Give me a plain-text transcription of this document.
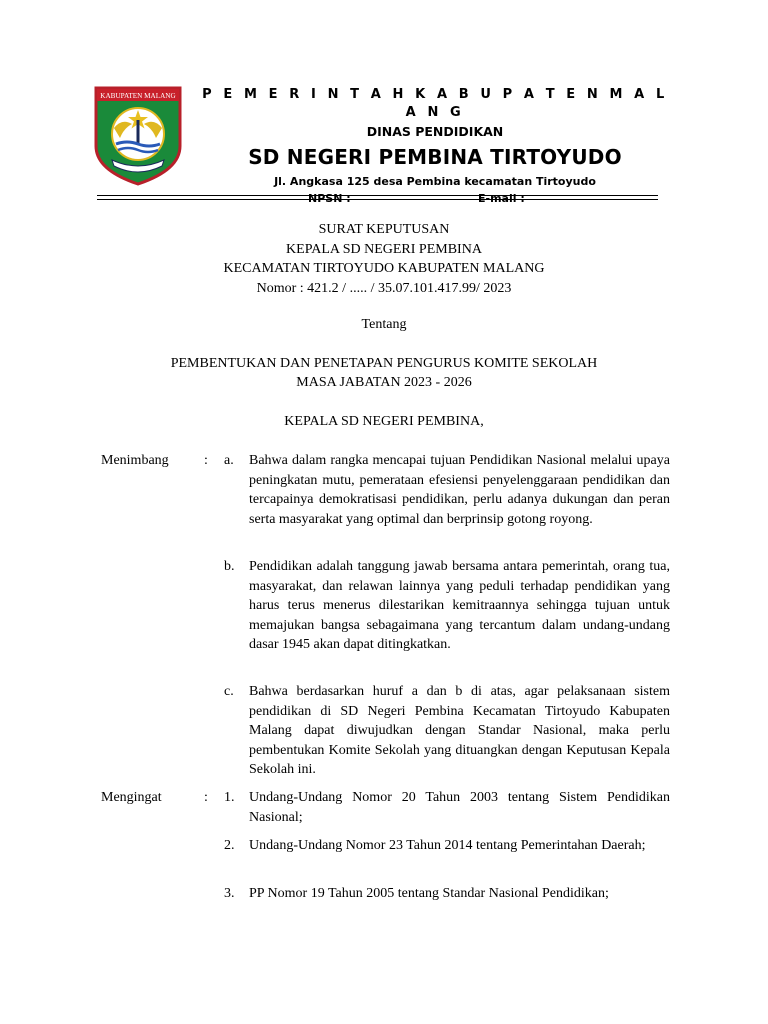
KABUPATEN MALANG P E M E R I N T A H K A B U P A T E N M A L A N G
DINAS PENDIDIKAN
SD NEGERI PEMBINA TIRTOYUDO
Jl. Angkasa 125 desa Pembina kecamatan Tirtoyudo
NPSN :	E-mail :
SURAT KEPUTUSAN
KEPALA SD NEGERI PEMBINA
KECAMATAN TIRTOYUDO KABUPATEN MALANG
Nomor : 421.2 / ..... / 35.07.101.417.99/ 2023
Tentang
PEMBENTUKAN DAN PENETAPAN PENGURUS KOMITE SEKOLAH
MASA JABATAN 2023 - 2026
KEPALA SD NEGERI PEMBINA,
Menimbang	: a. Bahwa dalam rangka mencapai tujuan Pendidikan Nasional melalui upaya peningkatan mutu, pemerataan efesiensi penyelenggaraan pendidikan dan tercapainya demokratisasi pendidikan, perlu adanya dukungan dan peran serta masyarakat yang optimal dan berprinsip gotong royong.
b. Pendidikan adalah tanggung jawab bersama antara pemerintah, orang tua, masyarakat, dan relawan lainnya yang peduli terhadap pendidikan yang harus terus menerus dilestarikan kemitraannya sehingga tujuan untuk memajukan bangsa sebagaimana yang tercantum dalam undang-undang dasar 1945 akan dapat ditingkatkan.
c. Bahwa berdasarkan huruf a dan b di atas, agar pelaksanaan sistem pendidikan di SD Negeri Pembina Kecamatan Tirtoyudo Kabupaten Malang dapat diwujudkan dengan Standar Nasional, maka perlu pembentukan Komite Sekolah yang dituangkan dengan Keputusan Kepala Sekolah ini.
Mengingat	: 1. Undang-Undang Nomor 20 Tahun 2003 tentang Sistem Pendidikan Nasional;
2. Undang-Undang Nomor 23 Tahun 2014 tentang Pemerintahan Daerah;
3. PP Nomor 19 Tahun 2005 tentang Standar Nasional Pendidikan;
